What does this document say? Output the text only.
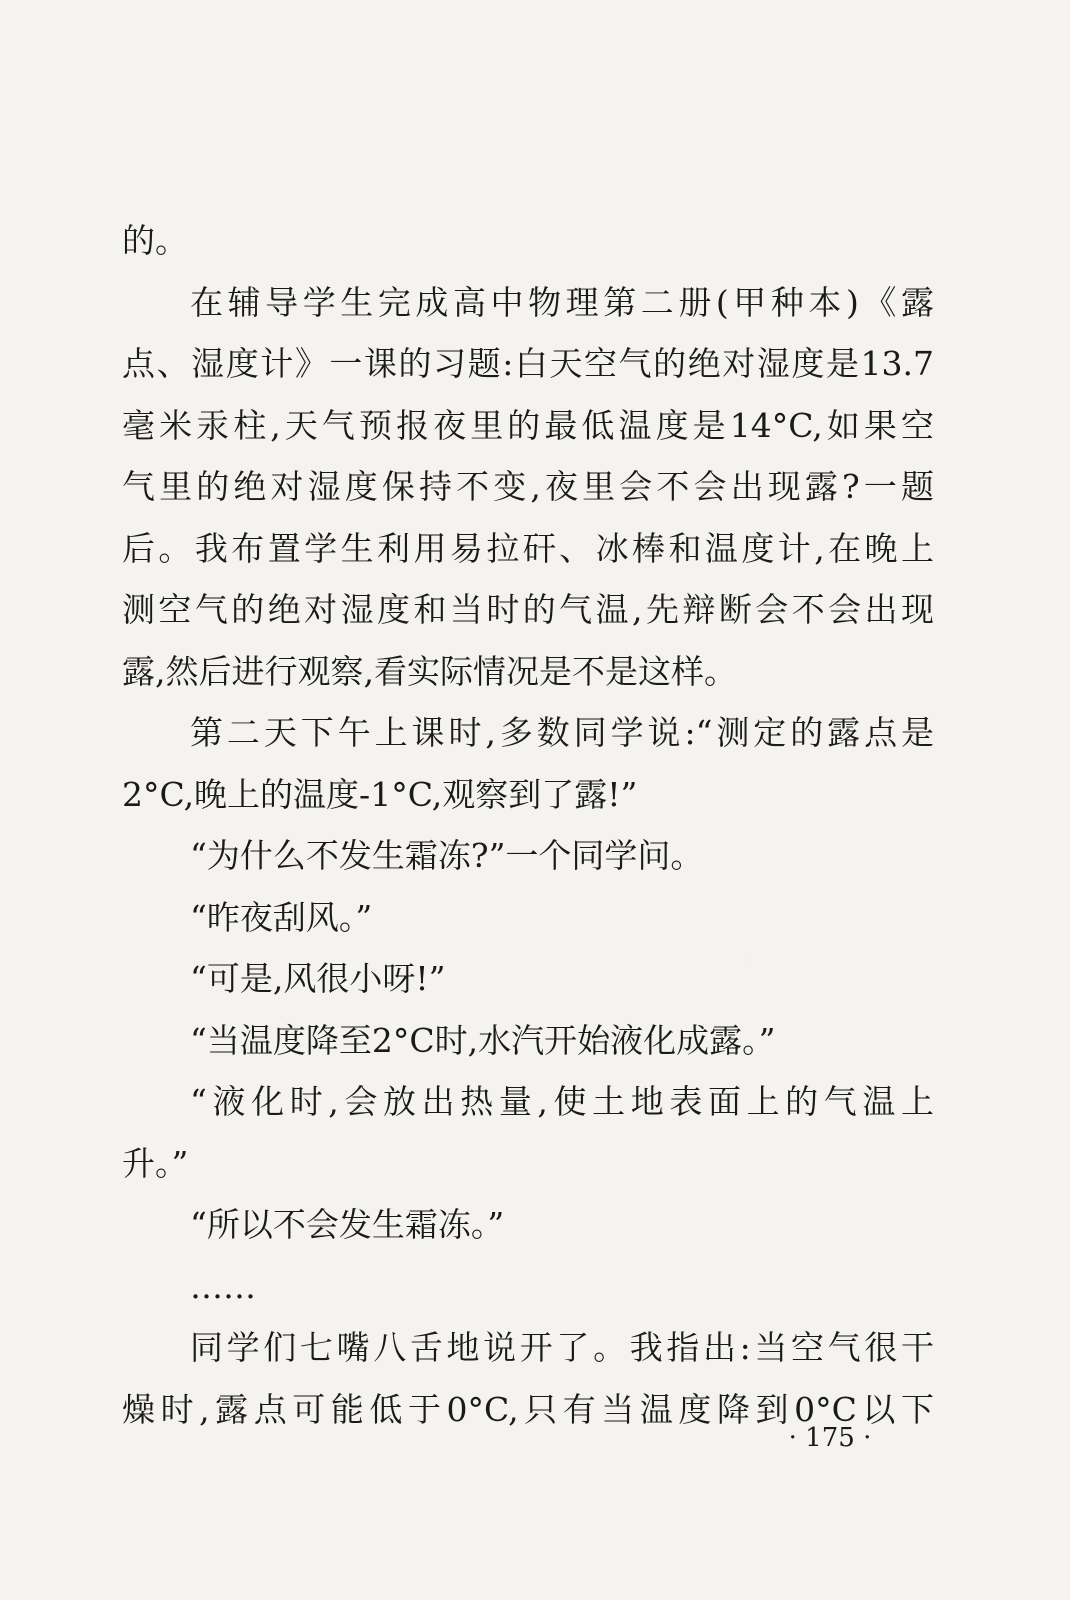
的。
在辅导学生完成高中物理第二册(甲种本)《露
点、湿度计》一课的习题:白天空气的绝对湿度是13.7
毫米汞柱,天气预报夜里的最低温度是14°C,如果空
气里的绝对湿度保持不变,夜里会不会出现露?一题
后。我布置学生利用易拉矸、冰棒和温度计,在晚上
测空气的绝对湿度和当时的气温,先辩断会不会出现
露,然后进行观察,看实际情况是不是这样。
第二天下午上课时,多数同学说:“测定的露点是
2°C,晚上的温度-1°C,观察到了露!”
“为什么不发生霜冻?”一个同学问。
“昨夜刮风。”
“可是,风很小呀!”
“当温度降至2°C时,水汽开始液化成露。”
“液化时,会放出热量,使土地表面上的气温上
升。”
“所以不会发生霜冻。”
……
同学们七嘴八舌地说开了。我指出:当空气很干
燥时,露点可能低于0°C,只有当温度降到0°C以下
· 175 ·
